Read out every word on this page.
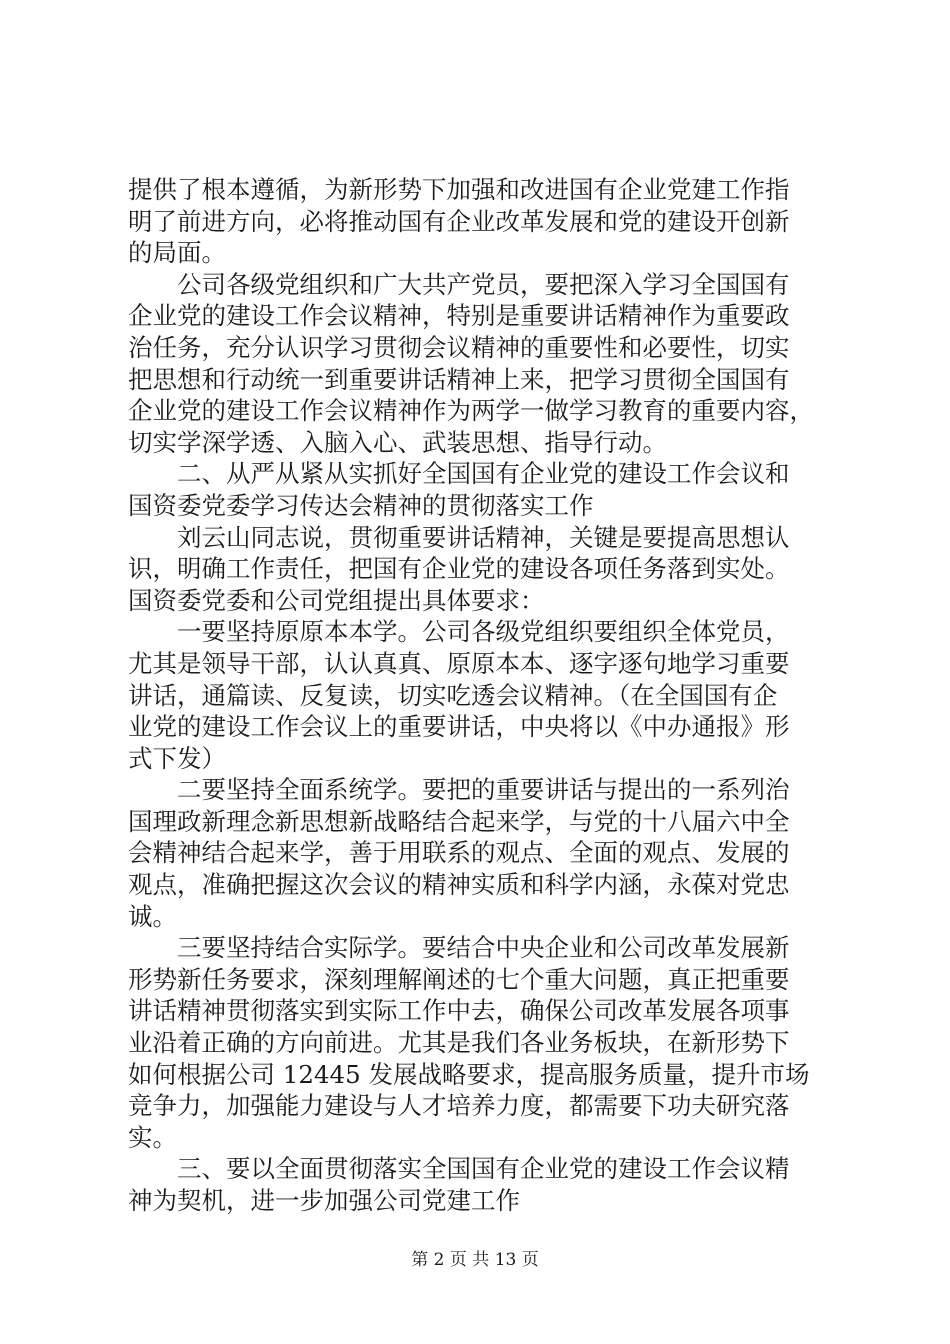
提供了根本遵循，为新形势下加强和改进国有企业党建工作指
明了前进方向，必将推动国有企业改革发展和党的建设开创新
的局面。
公司各级党组织和广大共产党员，要把深入学习全国国有
企业党的建设工作会议精神，特别是重要讲话精神作为重要政
治任务，充分认识学习贯彻会议精神的重要性和必要性，切实
把思想和行动统一到重要讲话精神上来，把学习贯彻全国国有
企业党的建设工作会议精神作为两学一做学习教育的重要内容，
切实学深学透、入脑入心、武装思想、指导行动。
二、从严从紧从实抓好全国国有企业党的建设工作会议和
国资委党委学习传达会精神的贯彻落实工作
刘云山同志说，贯彻重要讲话精神，关键是要提高思想认
识，明确工作责任，把国有企业党的建设各项任务落到实处。
国资委党委和公司党组提出具体要求：
一要坚持原原本本学。公司各级党组织要组织全体党员，
尤其是领导干部，认认真真、原原本本、逐字逐句地学习重要
讲话，通篇读、反复读，切实吃透会议精神。（在全国国有企
业党的建设工作会议上的重要讲话，中央将以《中办通报》形
式下发）
二要坚持全面系统学。要把的重要讲话与提出的一系列治
国理政新理念新思想新战略结合起来学，与党的十八届六中全
会精神结合起来学，善于用联系的观点、全面的观点、发展的
观点，准确把握这次会议的精神实质和科学内涵，永葆对党忠
诚。
三要坚持结合实际学。要结合中央企业和公司改革发展新
形势新任务要求，深刻理解阐述的七个重大问题，真正把重要
讲话精神贯彻落实到实际工作中去，确保公司改革发展各项事
业沿着正确的方向前进。尤其是我们各业务板块，在新形势下
如何根据公司 12445 发展战略要求，提高服务质量，提升市场
竞争力，加强能力建设与人才培养力度，都需要下功夫研究落
实。
三、要以全面贯彻落实全国国有企业党的建设工作会议精
神为契机，进一步加强公司党建工作
第 2 页 共 13 页
